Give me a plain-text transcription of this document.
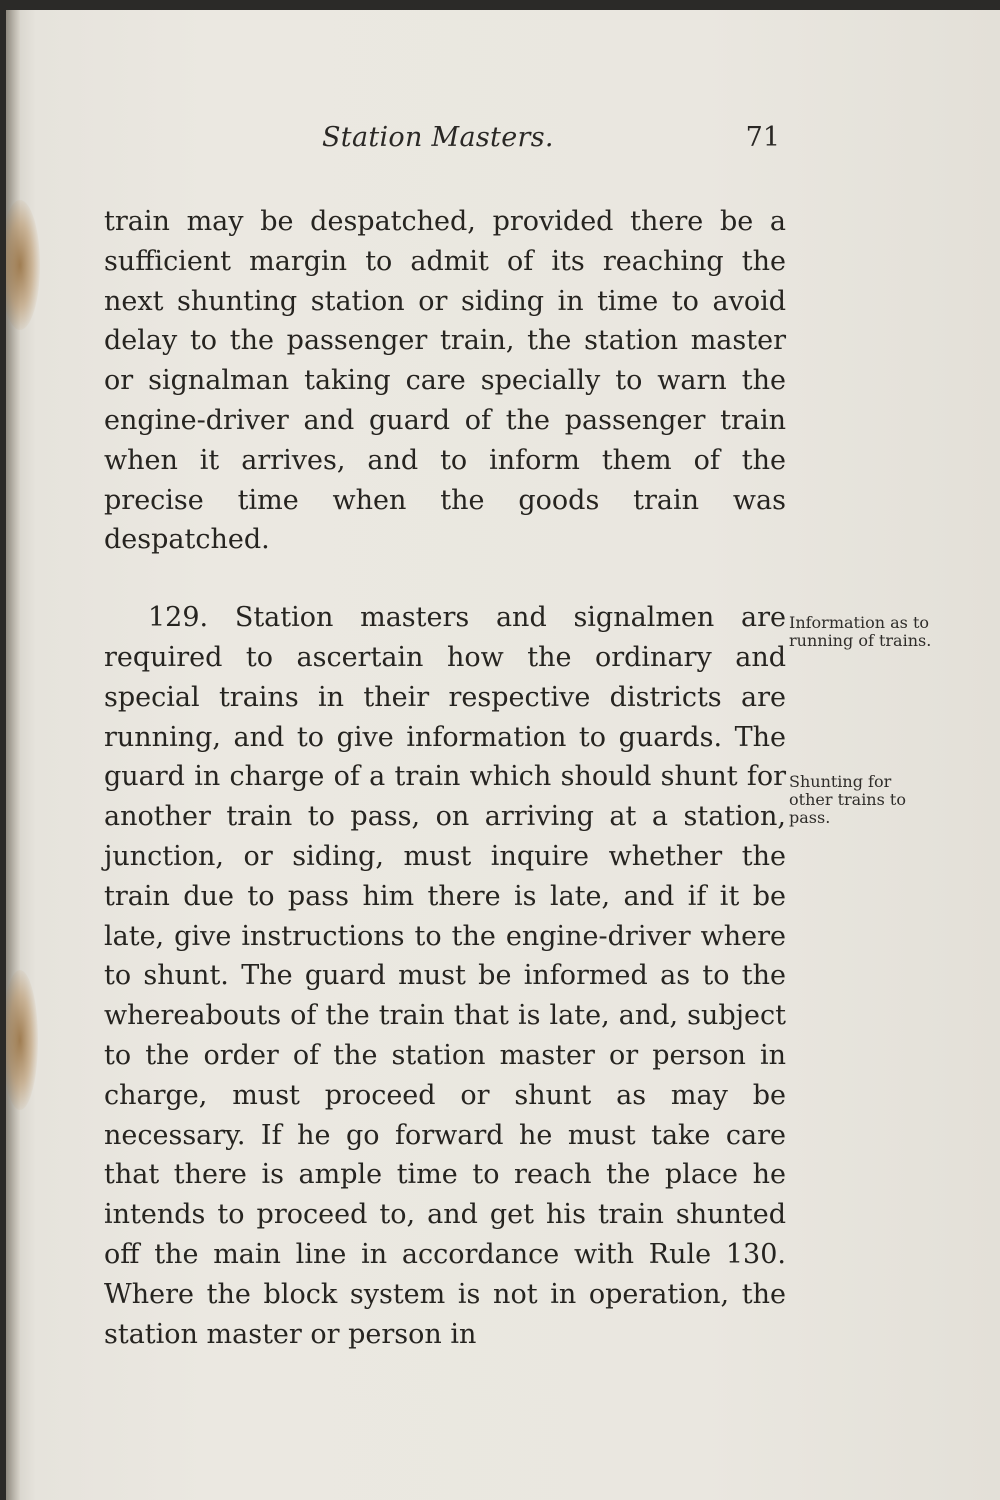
Station Masters.	71

train may be despatched, provided there be a sufficient margin to admit of its reaching the next shunting station or siding in time to avoid delay to the passenger train, the station master or signalman taking care specially to warn the engine-driver and guard of the passenger train when it arrives, and to inform them of the precise time when the goods train was despatched.

129. Station masters and signalmen are required to ascertain how the ordinary and special trains in their respective districts are running, and to give information to guards. The guard in charge of a train which should shunt for another train to pass, on arriving at a station, junction, or siding, must inquire whether the train due to pass him there is late, and if it be late, give instructions to the engine-driver where to shunt. The guard must be informed as to the whereabouts of the train that is late, and, subject to the order of the station master or person in charge, must proceed or shunt as may be necessary. If he go forward he must take care that there is ample time to reach the place he intends to proceed to, and get his train shunted off the main line in accordance with Rule 130. Where the block system is not in operation, the station master or person in

Information as to running of trains.
Shunting for other trains to pass.
